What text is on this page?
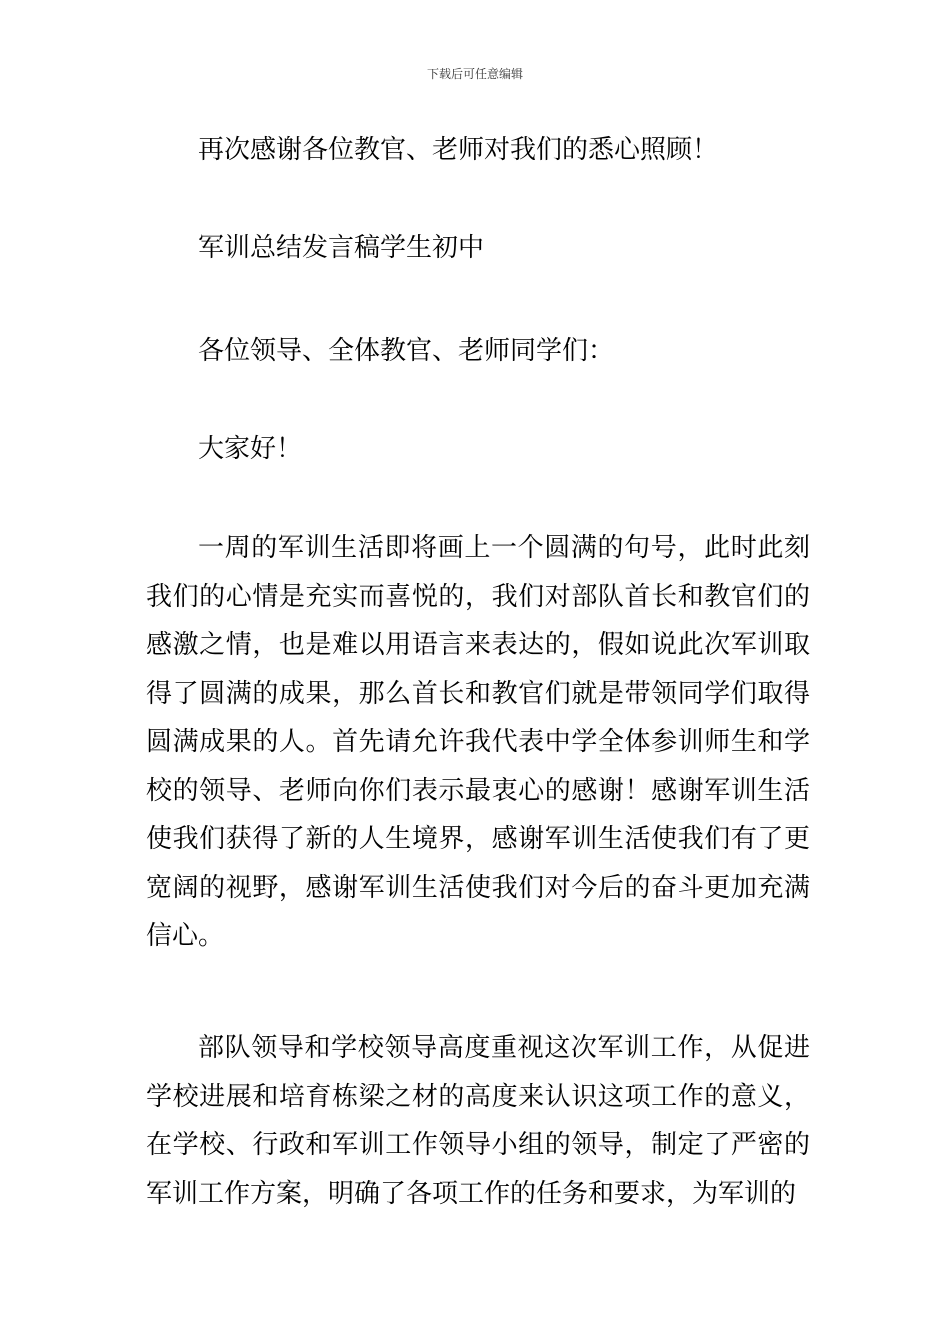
下载后可任意编辑
再次感谢各位教官、老师对我们的悉心照顾！
军训总结发言稿学生初中
各位领导、全体教官、老师同学们：
大家好！

一周的军训生活即将画上一个圆满的句号，此时此刻我们的心情是充实而喜悦的，我们对部队首长和教官们的感激之情，也是难以用语言来表达的，假如说此次军训取得了圆满的成果，那么首长和教官们就是带领同学们取得圆满成果的人。首先请允许我代表中学全体参训师生和学校的领导、老师向你们表示最衷心的感谢！感谢军训生活使我们获得了新的人生境界，感谢军训生活使我们有了更宽阔的视野，感谢军训生活使我们对今后的奋斗更加充满信心。

部队领导和学校领导高度重视这次军训工作，从促进学校进展和培育栋梁之材的高度来认识这项工作的意义，在学校、行政和军训工作领导小组的领导，制定了严密的军训工作方案，明确了各项工作的任务和要求，为军训的
